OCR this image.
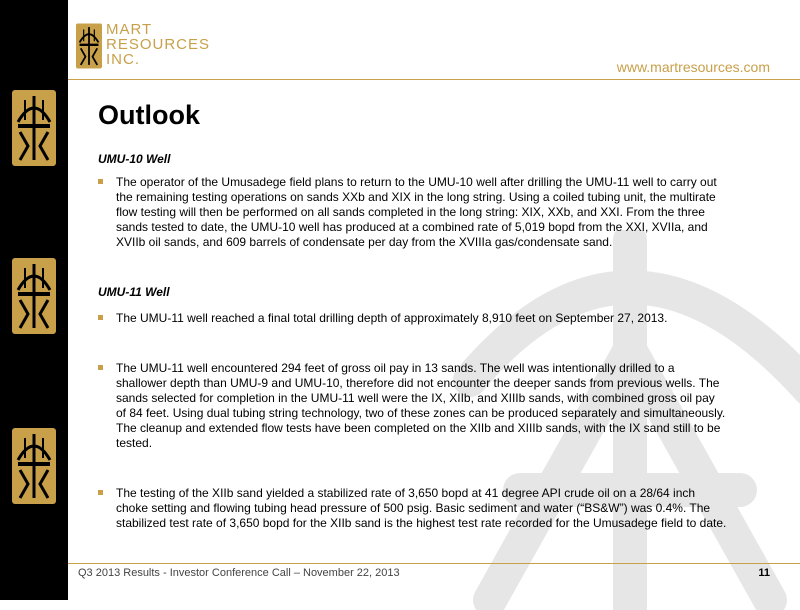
MART
RESOURCES
INC.	www.martresources.com
Outlook
UMU-10 Well
The operator of the Umusadege field plans to return to the UMU-10 well after drilling the UMU-11 well to carry out the remaining testing operations on sands XXb and XIX in the long string. Using a coiled tubing unit, the multirate flow testing will then be performed on all sands completed in the long string: XIX, XXb, and XXI. From the three sands tested to date, the UMU-10 well has produced at a combined rate of 5,019 bopd from the XXI, XVIIa, and XVIIb oil sands, and 609 barrels of condensate per day from the XVIIIa gas/condensate sand.
UMU-11 Well
The UMU-11 well reached a final total drilling depth of approximately 8,910 feet on September 27, 2013.
The UMU-11 well encountered 294 feet of gross oil pay in 13 sands. The well was intentionally drilled to a shallower depth than UMU-9 and UMU-10, therefore did not encounter the deeper sands from previous wells. The sands selected for completion in the UMU-11 well were the IX, XIIb, and XIIIb sands, with combined gross oil pay of 84 feet. Using dual tubing string technology, two of these zones can be produced separately and simultaneously. The cleanup and extended flow tests have been completed on the XIIb and XIIIb sands, with the IX sand still to be tested.
The testing of the XIIb sand yielded a stabilized rate of 3,650 bopd at 41 degree API crude oil on a 28/64 inch choke setting and flowing tubing head pressure of 500 psig. Basic sediment and water (“BS&W”) was 0.4%. The stabilized test rate of 3,650 bopd for the XIIb sand is the highest test rate recorded for the Umusadege field to date.
Q3 2013 Results - Investor Conference Call – November 22, 2013	11
